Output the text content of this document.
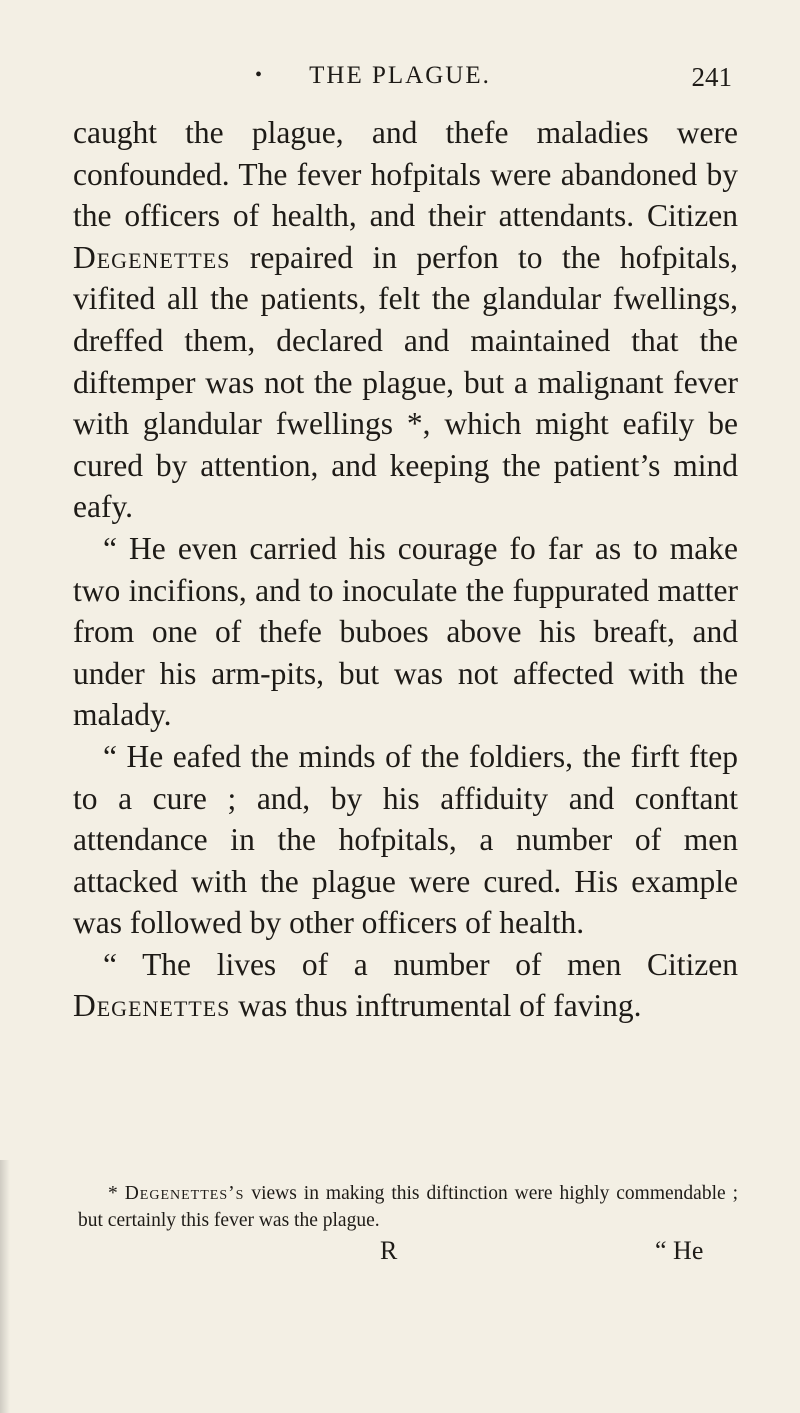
•	THE PLAGUE.	241

caught the plague, and thefe maladies were confounded. The fever hofpitals were abandoned by the officers of health, and their attendants. Citizen Degenettes repaired in perfon to the hofpitals, vifited all the patients, felt the glandular fwellings, dreffed them, declared and maintained that the diftemper was not the plague, but a malignant fever with glandular fwellings *, which might eafily be cured by attention, and keeping the patient’s mind eafy.

“ He even carried his courage fo far as to make two incifions, and to inoculate the fuppurated matter from one of thefe buboes above his breaft, and under his arm-pits, but was not affected with the malady.

“ He eafed the minds of the foldiers, the firft ftep to a cure ; and, by his affiduity and conftant attendance in the hofpitals, a number of men attacked with the plague were cured. His example was followed by other officers of health.

“ The lives of a number of men Citizen Degenettes was thus inftrumental of faving.

* Degenettes’s views in making this diftinction were highly commendable ; but certainly this fever was the plague.

R	“ He
